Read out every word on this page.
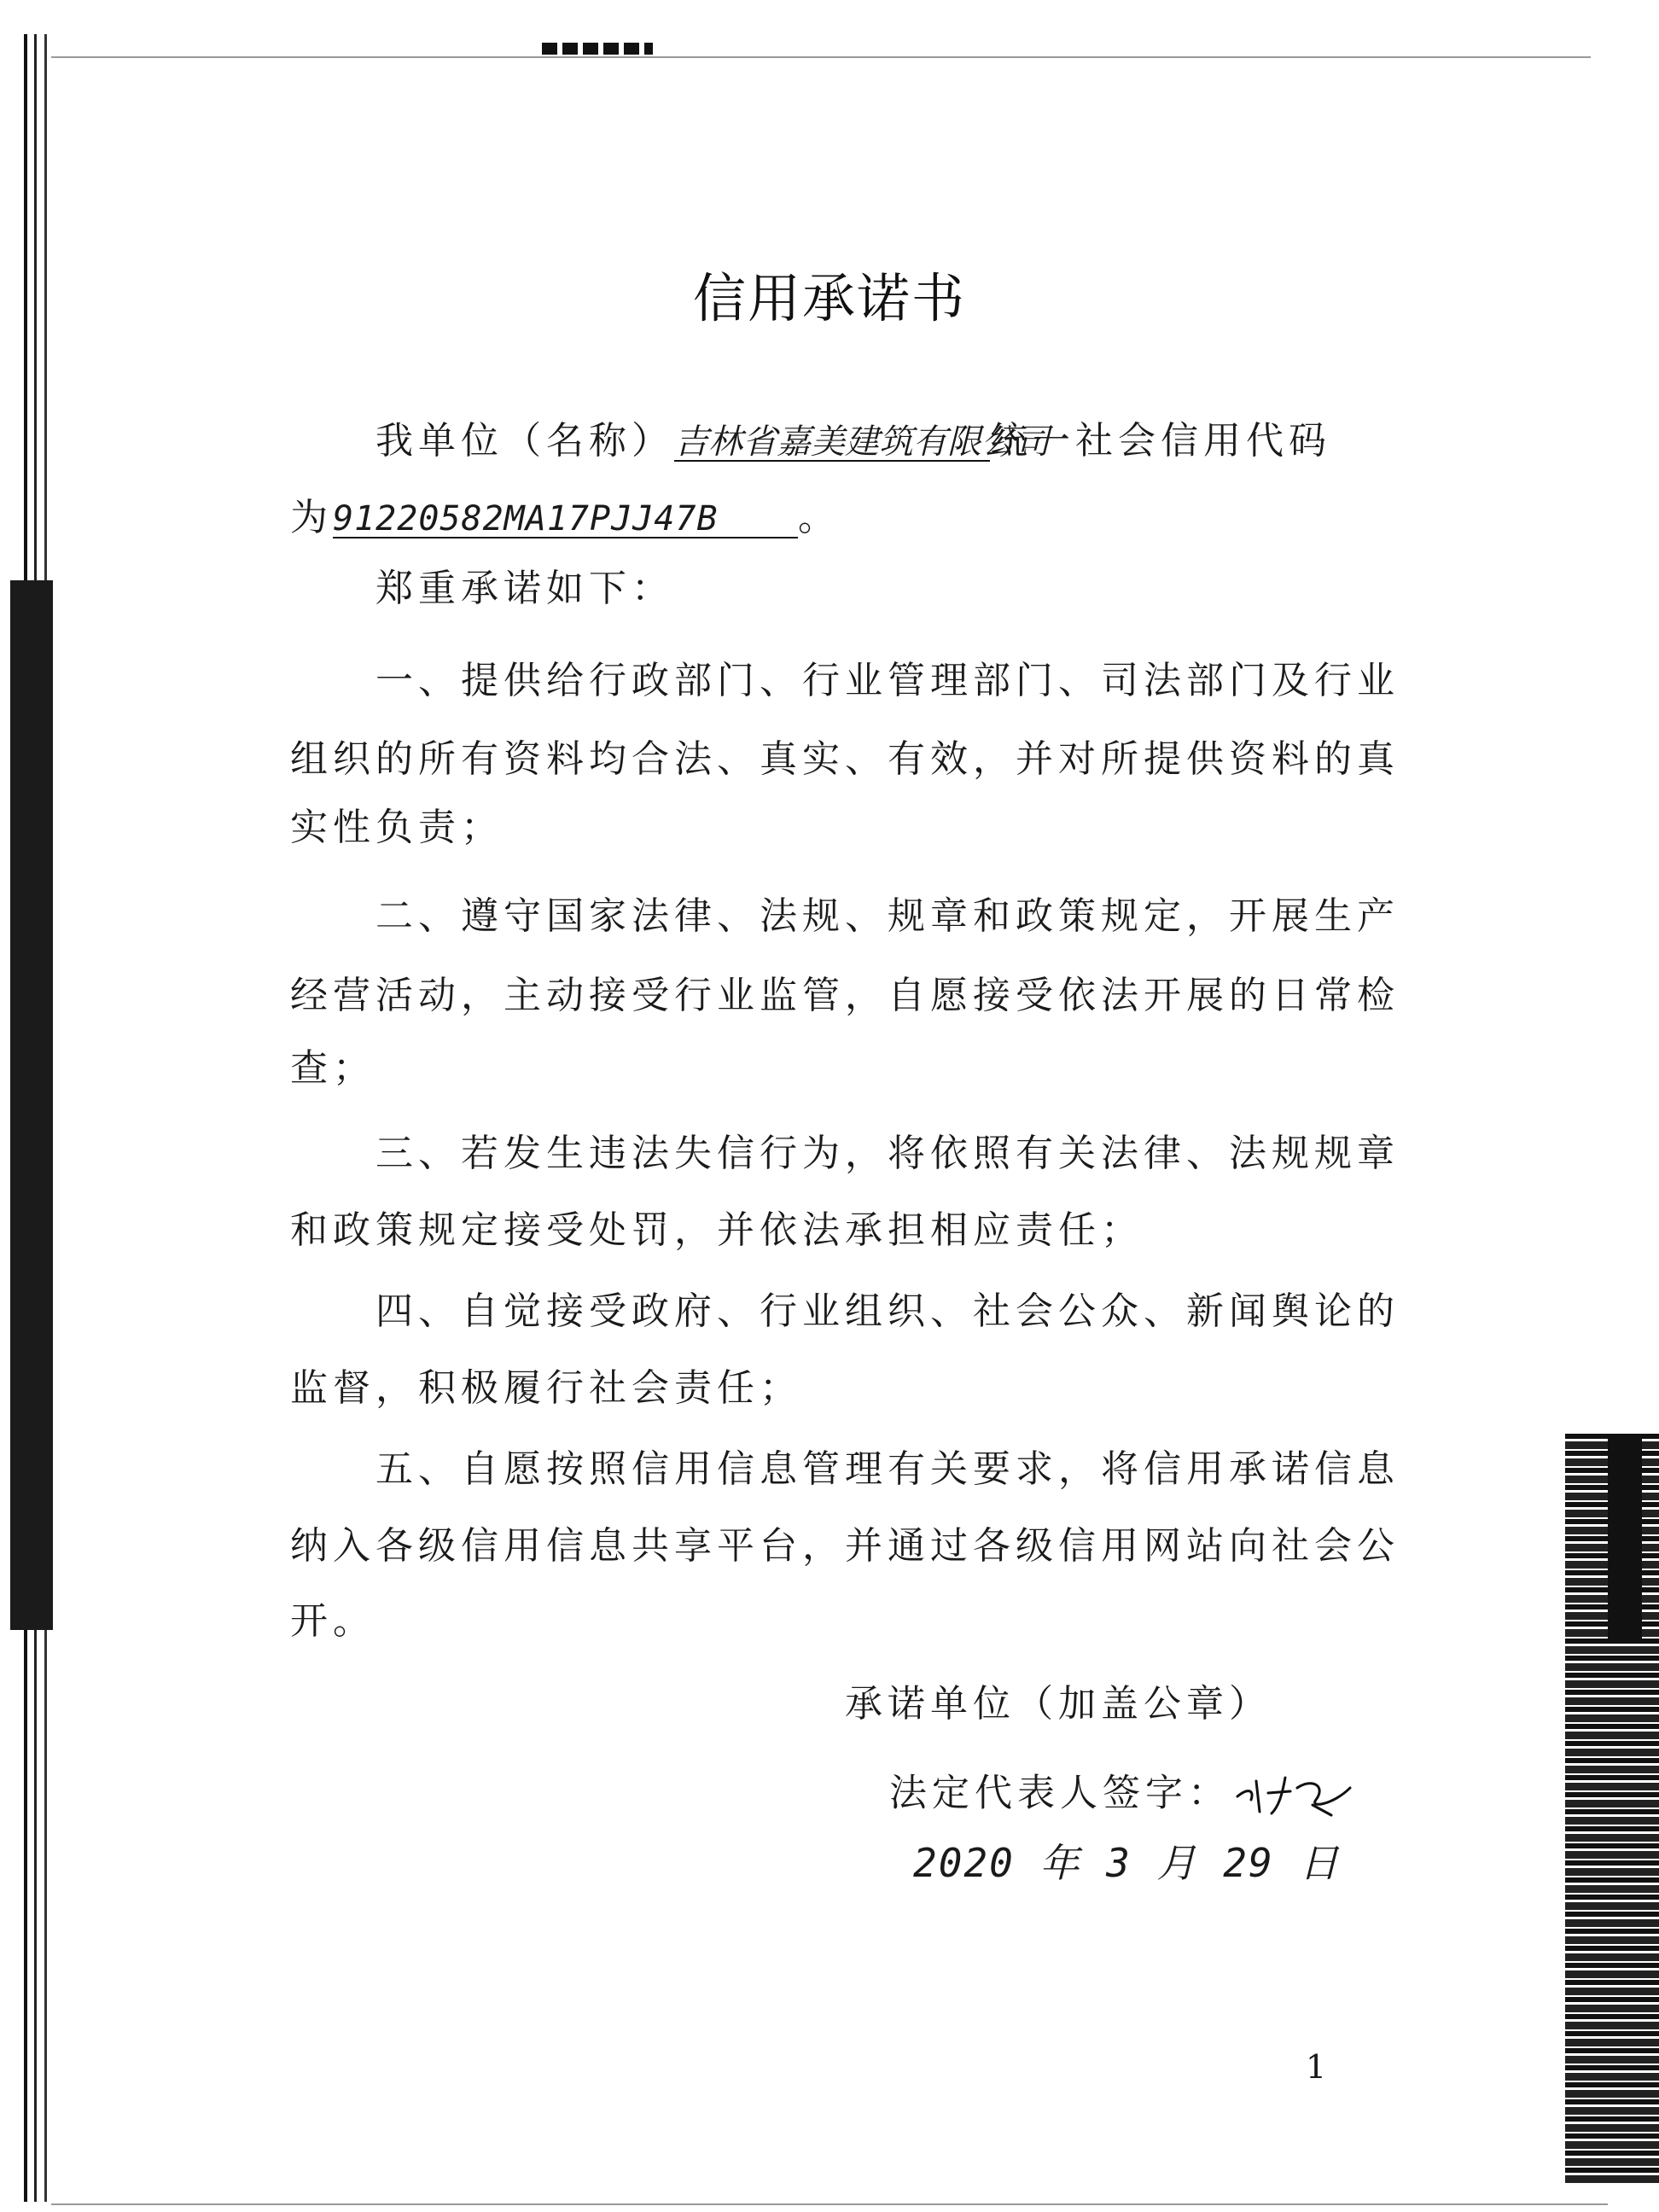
信用承诺书
我单位（名称）吉林省嘉美建筑有限公司统一社会信用代码
为91220582MA17PJJ47B 。
郑重承诺如下：
一、提供给行政部门、行业管理部门、司法部门及行业
组织的所有资料均合法、真实、有效，并对所提供资料的真
实性负责；
二、遵守国家法律、法规、规章和政策规定，开展生产
经营活动，主动接受行业监管，自愿接受依法开展的日常检
查；
三、若发生违法失信行为，将依照有关法律、法规规章
和政策规定接受处罚，并依法承担相应责任；
四、自觉接受政府、行业组织、社会公众、新闻舆论的
监督，积极履行社会责任；
五、自愿按照信用信息管理有关要求，将信用承诺信息
纳入各级信用信息共享平台，并通过各级信用网站向社会公
开。
承诺单位（加盖公章）
法定代表人签字：
2020 年 3 月 29 日
1
